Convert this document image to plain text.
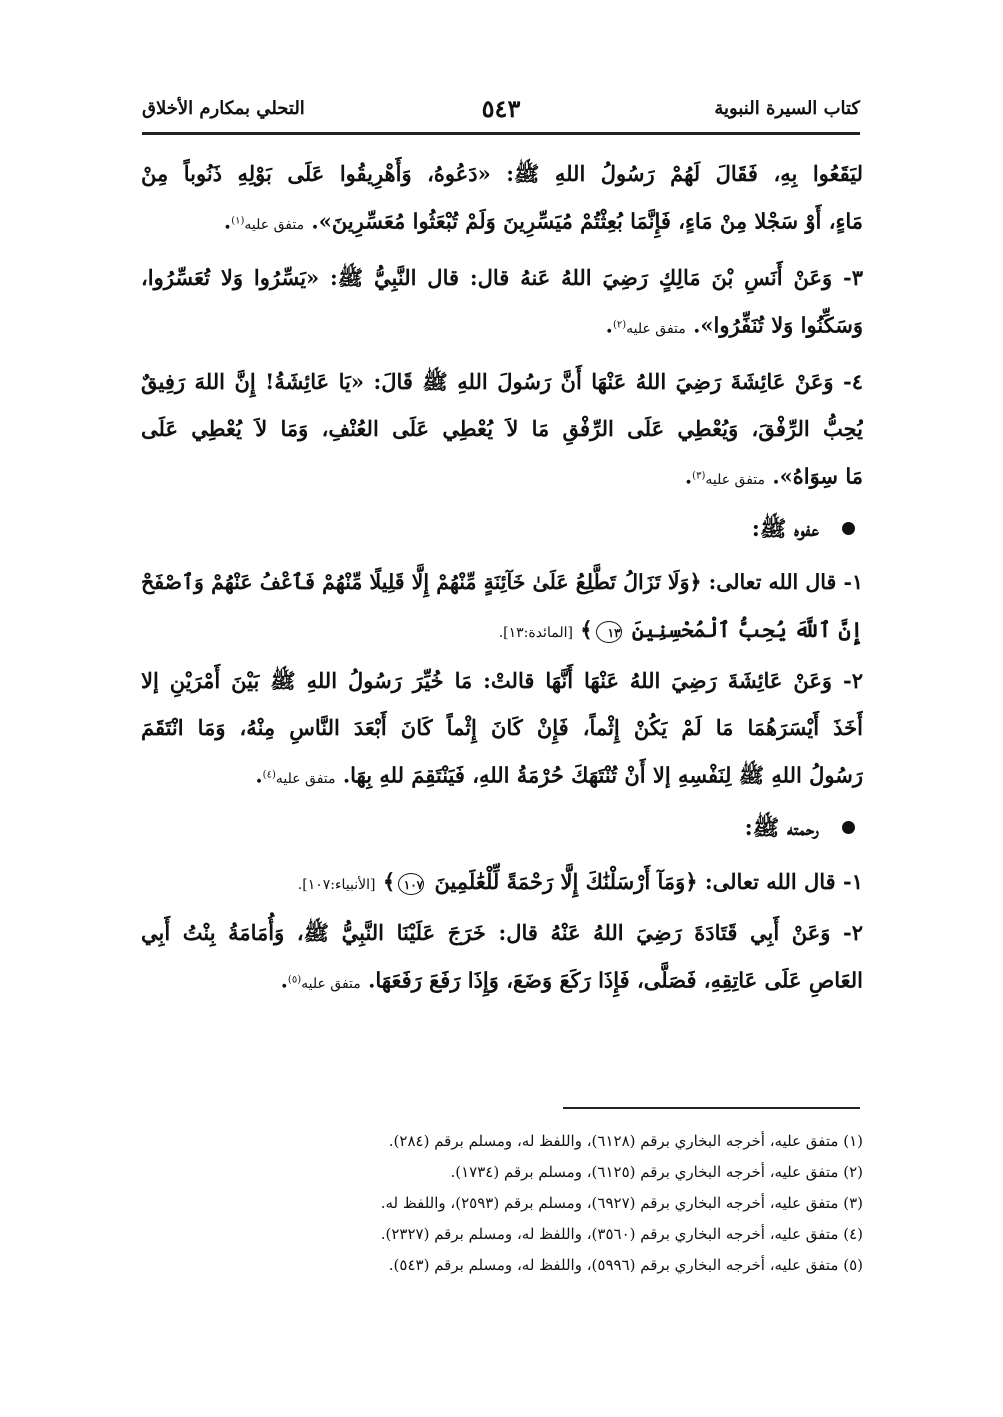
كتاب السيرة النبوية
٥٤٣
التحلي بمكارم الأخلاق
ليَقَعُوا بِهِ، فَقَالَ لَهُمْ رَسُولُ اللهِ ﷺ: «دَعُوهُ، وَأَهْرِيقُوا عَلَى بَوْلِهِ ذَنُوباً مِنْ
مَاءٍ، أَوْ سَجْلا مِنْ مَاءٍ، فَإِنَّمَا بُعِثْتُمْ مُيَسِّرِينَ وَلَمْ تُبْعَثُوا مُعَسِّرِينَ». متفق عليه$^{(١)}$.
٣- وَعَنْ أَنَسِ بْنَ مَالِكٍ رَضِيَ اللهُ عَنهُ قال: قال النَّبِيُّ ﷺ: «يَسِّرُوا وَلا تُعَسِّرُوا،
وَسَكِّنُوا وَلا تُنَفِّرُوا». متفق عليه$^{(٢)}$.
٤- وَعَنْ عَائِشَةَ رَضِيَ اللهُ عَنْهَا أَنَّ رَسُولَ اللهِ ﷺ قَالَ: «يَا عَائِشَةُ! إِنَّ اللهَ رَفِيقٌ
يُحِبُّ الرِّفْقَ، وَيُعْطِي عَلَى الرِّفْقِ مَا لاَ يُعْطِي عَلَى العُنْفِ، وَمَا لاَ يُعْطِي عَلَى
مَا سِوَاهُ». متفق عليه$^{(٣)}$.
عفوه ﷺ:
١- قال الله تعالى: ﴿وَلَا تَزَالُ تَطَّلِعُ عَلَىٰ خَآئِنَةٍ مِّنْهُمْ إِلَّا قَلِيلًا مِّنْهُمْ فَٱعْفُ عَنْهُمْ وَٱصْفَحْ
إِنَّ ٱللَّهَ يُحِبُّ ٱلْمُحْسِنِينَ ١٣﴾ [المائدة:١٣].
٢- وَعَنْ عَائِشَةَ رَضِيَ اللهُ عَنْهَا أَنَّهَا قالتْ: مَا خُيِّرَ رَسُولُ اللهِ ﷺ بَيْنَ أَمْرَيْنِ إلا
أَخَذَ أَيْسَرَهُمَا مَا لَمْ يَكُنْ إِثْماً، فَإِنْ كَانَ إِثْماً كَانَ أَبْعَدَ النَّاسِ مِنْهُ، وَمَا انْتَقَمَ
رَسُولُ اللهِ ﷺ لِنَفْسِهِ إلا أَنْ تُنْتَهَكَ حُرْمَةُ اللهِ، فَيَنْتَقِمَ للهِ بِهَا. متفق عليه$^{(٤)}$.
رحمته ﷺ:
١- قال الله تعالى: ﴿وَمَآ أَرْسَلْنَٰكَ إِلَّا رَحْمَةً لِّلْعَٰلَمِينَ ١٠٧﴾ [الأنبياء:١٠٧].
٢- وَعَنْ أَبِي قَتَادَةَ رَضِيَ اللهُ عَنْهُ قال: خَرَجَ عَلَيْنَا النَّبِيُّ ﷺ، وَأُمَامَةُ بِنْتُ أَبِي
العَاصِ عَلَى عَاتِقِهِ، فَصَلَّى، فَإِذَا رَكَعَ وَضَعَ، وَإِذَا رَفَعَ رَفَعَهَا. متفق عليه$^{(٥)}$.
(١) متفق عليه، أخرجه البخاري برقم (٦١٢٨)، واللفظ له، ومسلم برقم (٢٨٤).
(٢) متفق عليه، أخرجه البخاري برقم (٦١٢٥)، ومسلم برقم (١٧٣٤).
(٣) متفق عليه، أخرجه البخاري برقم (٦٩٢٧)، ومسلم برقم (٢٥٩٣)، واللفظ له.
(٤) متفق عليه، أخرجه البخاري برقم (٣٥٦٠)، واللفظ له، ومسلم برقم (٢٣٢٧).
(٥) متفق عليه، أخرجه البخاري برقم (٥٩٩٦)، واللفظ له، ومسلم برقم (٥٤٣).
